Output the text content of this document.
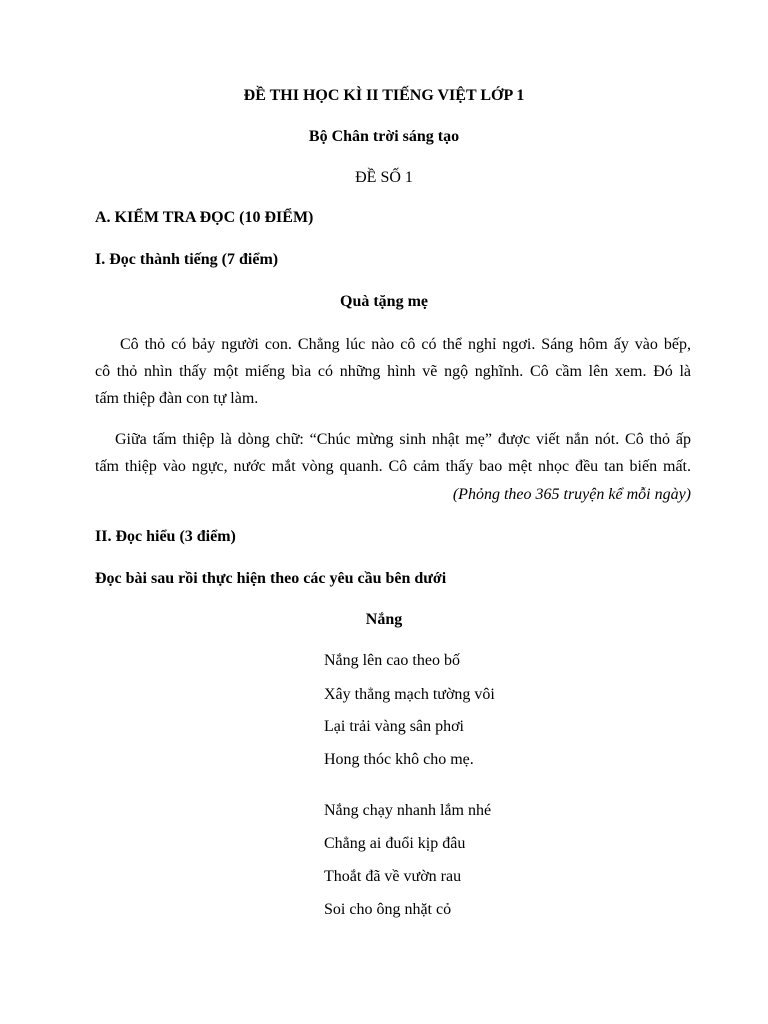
ĐỀ THI HỌC KÌ II TIẾNG VIỆT LỚP 1
Bộ Chân trời sáng tạo
ĐỀ SỐ 1
A. KIỂM TRA ĐỌC (10 ĐIỂM)
I. Đọc thành tiếng (7 điểm)
Quà tặng mẹ
Cô thỏ có bảy người con. Chẳng lúc nào cô có thể nghỉ ngơi. Sáng hôm ấy vào bếp,
cô thỏ nhìn thấy một miếng bìa có những hình vẽ ngộ nghĩnh. Cô cầm lên xem. Đó là
tấm thiệp đàn con tự làm.
Giữa tấm thiệp là dòng chữ: “Chúc mừng sinh nhật mẹ” được viết nắn nót. Cô thỏ ấp
tấm thiệp vào ngực, nước mắt vòng quanh. Cô cảm thấy bao mệt nhọc đều tan biến mất.
(Phỏng theo 365 truyện kể mỗi ngày)
II. Đọc hiểu (3 điểm)
Đọc bài sau rồi thực hiện theo các yêu cầu bên dưới
Nắng
Nắng lên cao theo bố
Xây thẳng mạch tường vôi
Lại trải vàng sân phơi
Hong thóc khô cho mẹ.
Nắng chạy nhanh lắm nhé
Chẳng ai đuổi kịp đâu
Thoắt đã về vườn rau
Soi cho ông nhặt cỏ
